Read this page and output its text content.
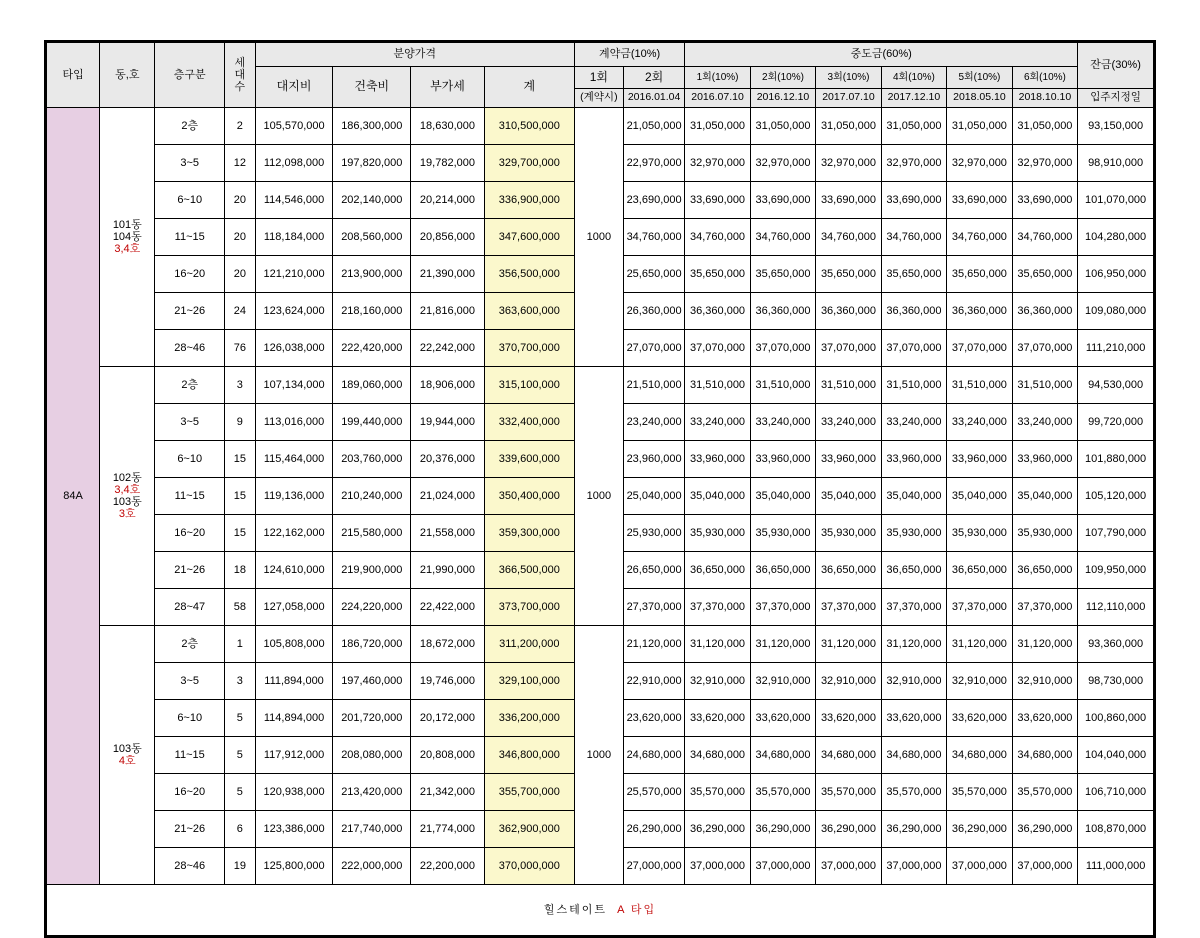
타입	동,호	층구분	세
대
수	분양가격				계약금(10%)		중도금(60%)						잔금(30%)
				대지비	건축비	부가세	계	1회	2회	1회(10%)	2회(10%)	3회(10%)	4회(10%)	5회(10%)	6회(10%)	
								(계약시)	2016.01.04	2016.07.10	2016.12.10	2017.07.10	2017.12.10	2018.05.10	2018.10.10	입주지정일
84A	101동
104동
3,4호	2층	2	105,570,000	186,300,000	18,630,000	310,500,000	1000	21,050,000	31,050,000	31,050,000	31,050,000	31,050,000	31,050,000	31,050,000	93,150,000
		3~5	12	112,098,000	197,820,000	19,782,000	329,700,000		22,970,000	32,970,000	32,970,000	32,970,000	32,970,000	32,970,000	32,970,000	98,910,000
		6~10	20	114,546,000	202,140,000	20,214,000	336,900,000		23,690,000	33,690,000	33,690,000	33,690,000	33,690,000	33,690,000	33,690,000	101,070,000
		11~15	20	118,184,000	208,560,000	20,856,000	347,600,000		34,760,000	34,760,000	34,760,000	34,760,000	34,760,000	34,760,000	34,760,000	104,280,000
		16~20	20	121,210,000	213,900,000	21,390,000	356,500,000		25,650,000	35,650,000	35,650,000	35,650,000	35,650,000	35,650,000	35,650,000	106,950,000
		21~26	24	123,624,000	218,160,000	21,816,000	363,600,000		26,360,000	36,360,000	36,360,000	36,360,000	36,360,000	36,360,000	36,360,000	109,080,000
		28~46	76	126,038,000	222,420,000	22,242,000	370,700,000		27,070,000	37,070,000	37,070,000	37,070,000	37,070,000	37,070,000	37,070,000	111,210,000

	102동
3,4호
103동
3호	2층	3	107,134,000	189,060,000	18,906,000	315,100,000	1000	21,510,000	31,510,000	31,510,000	31,510,000	31,510,000	31,510,000	31,510,000	94,530,000
		3~5	9	113,016,000	199,440,000	19,944,000	332,400,000		23,240,000	33,240,000	33,240,000	33,240,000	33,240,000	33,240,000	33,240,000	99,720,000
		6~10	15	115,464,000	203,760,000	20,376,000	339,600,000		23,960,000	33,960,000	33,960,000	33,960,000	33,960,000	33,960,000	33,960,000	101,880,000
		11~15	15	119,136,000	210,240,000	21,024,000	350,400,000		25,040,000	35,040,000	35,040,000	35,040,000	35,040,000	35,040,000	35,040,000	105,120,000
		16~20	15	122,162,000	215,580,000	21,558,000	359,300,000		25,930,000	35,930,000	35,930,000	35,930,000	35,930,000	35,930,000	35,930,000	107,790,000
		21~26	18	124,610,000	219,900,000	21,990,000	366,500,000		26,650,000	36,650,000	36,650,000	36,650,000	36,650,000	36,650,000	36,650,000	109,950,000
		28~47	58	127,058,000	224,220,000	22,422,000	373,700,000		27,370,000	37,370,000	37,370,000	37,370,000	37,370,000	37,370,000	37,370,000	112,110,000

	103동
4호	2층	1	105,808,000	186,720,000	18,672,000	311,200,000	1000	21,120,000	31,120,000	31,120,000	31,120,000	31,120,000	31,120,000	31,120,000	93,360,000
		3~5	3	111,894,000	197,460,000	19,746,000	329,100,000		22,910,000	32,910,000	32,910,000	32,910,000	32,910,000	32,910,000	32,910,000	98,730,000
		6~10	5	114,894,000	201,720,000	20,172,000	336,200,000		23,620,000	33,620,000	33,620,000	33,620,000	33,620,000	33,620,000	33,620,000	100,860,000
		11~15	5	117,912,000	208,080,000	20,808,000	346,800,000		24,680,000	34,680,000	34,680,000	34,680,000	34,680,000	34,680,000	34,680,000	104,040,000
		16~20	5	120,938,000	213,420,000	21,342,000	355,700,000		25,570,000	35,570,000	35,570,000	35,570,000	35,570,000	35,570,000	35,570,000	106,710,000
		21~26	6	123,386,000	217,740,000	21,774,000	362,900,000		26,290,000	36,290,000	36,290,000	36,290,000	36,290,000	36,290,000	36,290,000	108,870,000
		28~46	19	125,800,000	222,000,000	22,200,000	370,000,000		27,000,000	37,000,000	37,000,000	37,000,000	37,000,000	37,000,000	37,000,000	111,000,000
힐스테이트 A 타입																
